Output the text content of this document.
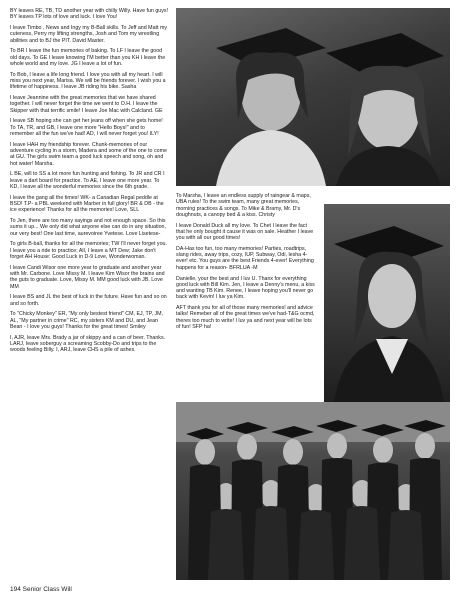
BY leaves RE, TB, TD another year with chilly Willy. Have fun guys! BY leaves TP lots of love and luck. I love You!

I leave Timbo , News and Ingy my B-Ball skills. To Jeff and Matt my cuteness, Perry my lifting strengths, Josh and Tom my wrestling abilities and to BJ the PIT. David Master.

To BR I leave the fun memories of baking. To LF I leave the good old days. To GE I leave knowing I'M better than you KH I leave the whole world and my love. JG I leave a lot of fun.

To Bob, I leave a life long friend. I love you with all my heart. I will miss you next year, Marisa. We will be friends forever. I wish you a lifetime of happiness. I leave JB riding his bike. Sasha

I leave Jeannine with the great memories that we have shared together. I will never forget the time we went to O.H. I leave the Skipper with that terrific smile! I leave Joe Mac with Calcland. GE

I leave SB hoping she can get her jeans off when she gets home! To TA, TR, and GB, I leave one more "Hello Boys!" and to remember all the fun we've had! AD, I will never forget you! ILY!

I leave HAH my friendship forever. Chunk-memories of our adventure cycling in a storm, Madera and some of the one to come at GU. The girls swim team a good luck speech and song, oh and hot water! Marsha.

L BE, will to SS a lot more fun hunting and fishing. To JR and CR I leave a dart board for practice. To AE, I leave one more year. To KD, I leave all the wonderful memories since the 6th grade.

I leave the gang all the times! WK- a Canadian Regal peddle at BSD! T.P- a PBL weekend with Marber in full glory! BR & DB - the ice experience! Thanks for all the memories! Love, SLL

To Jen, there are too many sayings and not enough space. So this sums it up... We only did what anyone else can do in any situation, our very best! One last time, aurevoiree Yvetese. Love Lisetese-

To girls B-ball, thanks for all the memories; TW I'll never forget you. I leave you a ride to practice; All, I leave a MT Dew; Jake don't forget AH House: Good Luck in D-9 Love, Wonderwoman.

I leave Candi Wisor one more year to graduate and another year with Mr. Carbone. Love Missy M. I leave Kim Wisor the brains and the guts to graduate. Love, Missy M. MM good luck with JB. Love MM

I leave BS and JL the best of luck in the future. Have fun and so on and so forth.

To "Chicky Monkey" ER, "My only bestest friend" CM, EJ, TP, JM, AL, "My partner in crime" RC, my sisters KM and DU, and Jean Bean - I love you guys! Thanks for the great times! Smiley

I, AJR, leave Mrs. Brady a jar of skippy and a can of beer. Thanks. LARJ, leave soberguy a screaming Scobby-Do and trips to the woods feeling Billy. I, ARJ, leave CHS a pile of ashes.

To Marsha, I leave an endless supply of raingear & maps, UBA rules! To the swim team, many great memories, morning practices & songs. To Mike & Bramy, Mr. D's doughnuts, a canopy bed & a kiss. Christy

I leave Donald Duck all my love. To Chet I leave the fact that he only bought it cause it was on sale. Heather I leave you with all our good times!

DA-Has too fun, too many memories! Parties, roadtrips, slang rides, away trips, cozy, IUP, Subway, Odi, lesha 4-ever! etc. You guys are the best Friends 4-ever! Everything happens for a reason- BFRLUA -M

Danielle, your the best and I luv U. Thanx for everything good luck with Bill Kim. Jen, I leave a Denny's menu, a kiss and wanting TB Kim. Renee, I leave hoping you'll never go back with Kevin! I luv ya Kim.

AFT thank you for all of those many memories! and advice talks! Remeber all of the great times we've had-T&G ocmd, theres too much to write! I luv ya and next year will be lots of fun! SFP ha!

194 Senior Class Will
